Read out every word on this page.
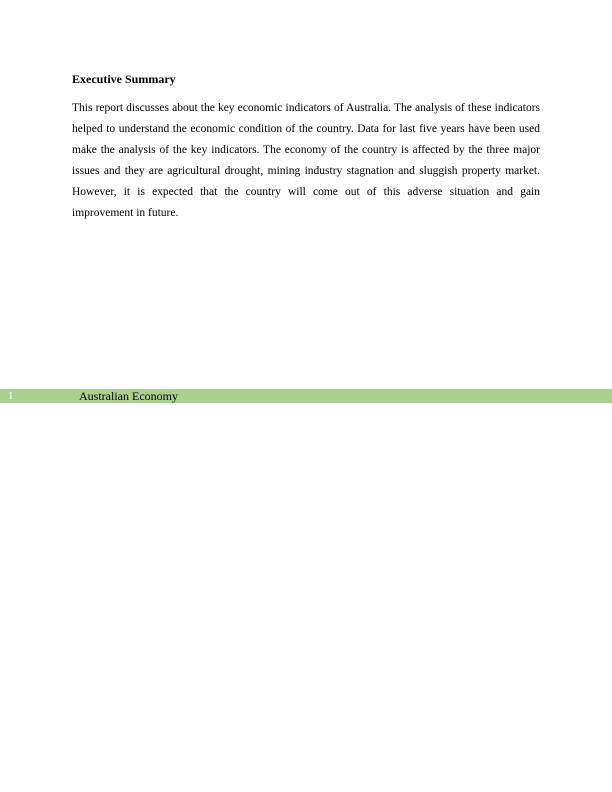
Executive Summary

This report discusses about the key economic indicators of Australia. The analysis of these indicators helped to understand the economic condition of the country. Data for last five years have been used make the analysis of the key indicators. The economy of the country is affected by the three major issues and they are agricultural drought, mining industry stagnation and sluggish property market. However, it is expected that the country will come out of this adverse situation and gain improvement in future.

1	Australian Economy
